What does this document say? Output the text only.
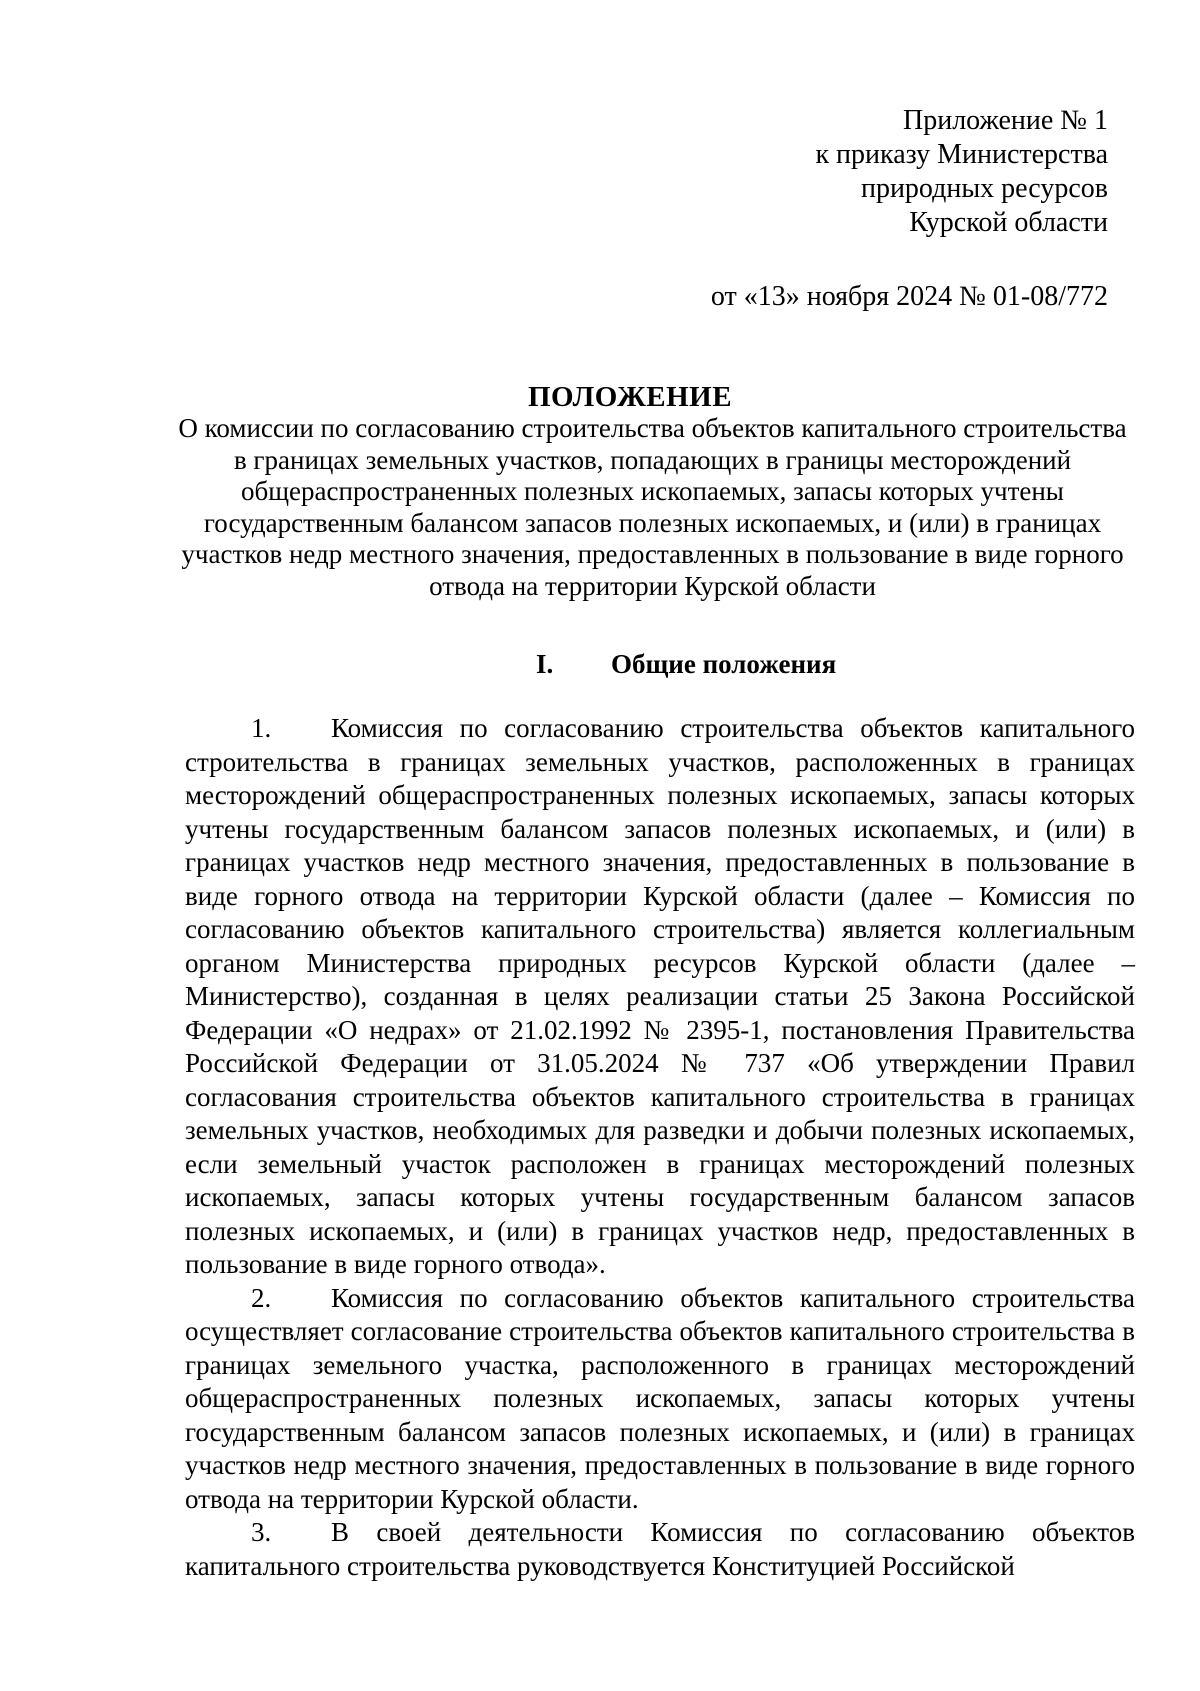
Приложение № 1
к приказу Министерства
природных ресурсов
Курской области
от «13» ноября 2024 № 01-08/772
ПОЛОЖЕНИЕ
О комиссии по согласованию строительства объектов капитального строительства в границах земельных участков, попадающих в границы месторождений общераспространенных полезных ископаемых, запасы которых учтены государственным балансом запасов полезных ископаемых, и (или) в границах участков недр местного значения, предоставленных в пользование в виде горного отвода на территории Курской области
I. Общие положения

1. Комиссия по согласованию строительства объектов капитального строительства в границах земельных участков, расположенных в границах месторождений общераспространенных полезных ископаемых, запасы которых учтены государственным балансом запасов полезных ископаемых, и (или) в границах участков недр местного значения, предоставленных в пользование в виде горного отвода на территории Курской области (далее – Комиссия по согласованию объектов капитального строительства) является коллегиальным органом Министерства природных ресурсов Курской области (далее – Министерство), созданная в целях реализации статьи 25 Закона Российской Федерации «О недрах» от 21.02.1992 № 2395-1, постановления Правительства Российской Федерации от 31.05.2024 № 737 «Об утверждении Правил согласования строительства объектов капитального строительства в границах земельных участков, необходимых для разведки и добычи полезных ископаемых, если земельный участок расположен в границах месторождений полезных ископаемых, запасы которых учтены государственным балансом запасов полезных ископаемых, и (или) в границах участков недр, предоставленных в пользование в виде горного отвода».

2. Комиссия по согласованию объектов капитального строительства осуществляет согласование строительства объектов капитального строительства в границах земельного участка, расположенного в границах месторождений общераспространенных полезных ископаемых, запасы которых учтены государственным балансом запасов полезных ископаемых, и (или) в границах участков недр местного значения, предоставленных в пользование в виде горного отвода на территории Курской области.

3. В своей деятельности Комиссия по согласованию объектов капитального строительства руководствуется Конституцией Российской
